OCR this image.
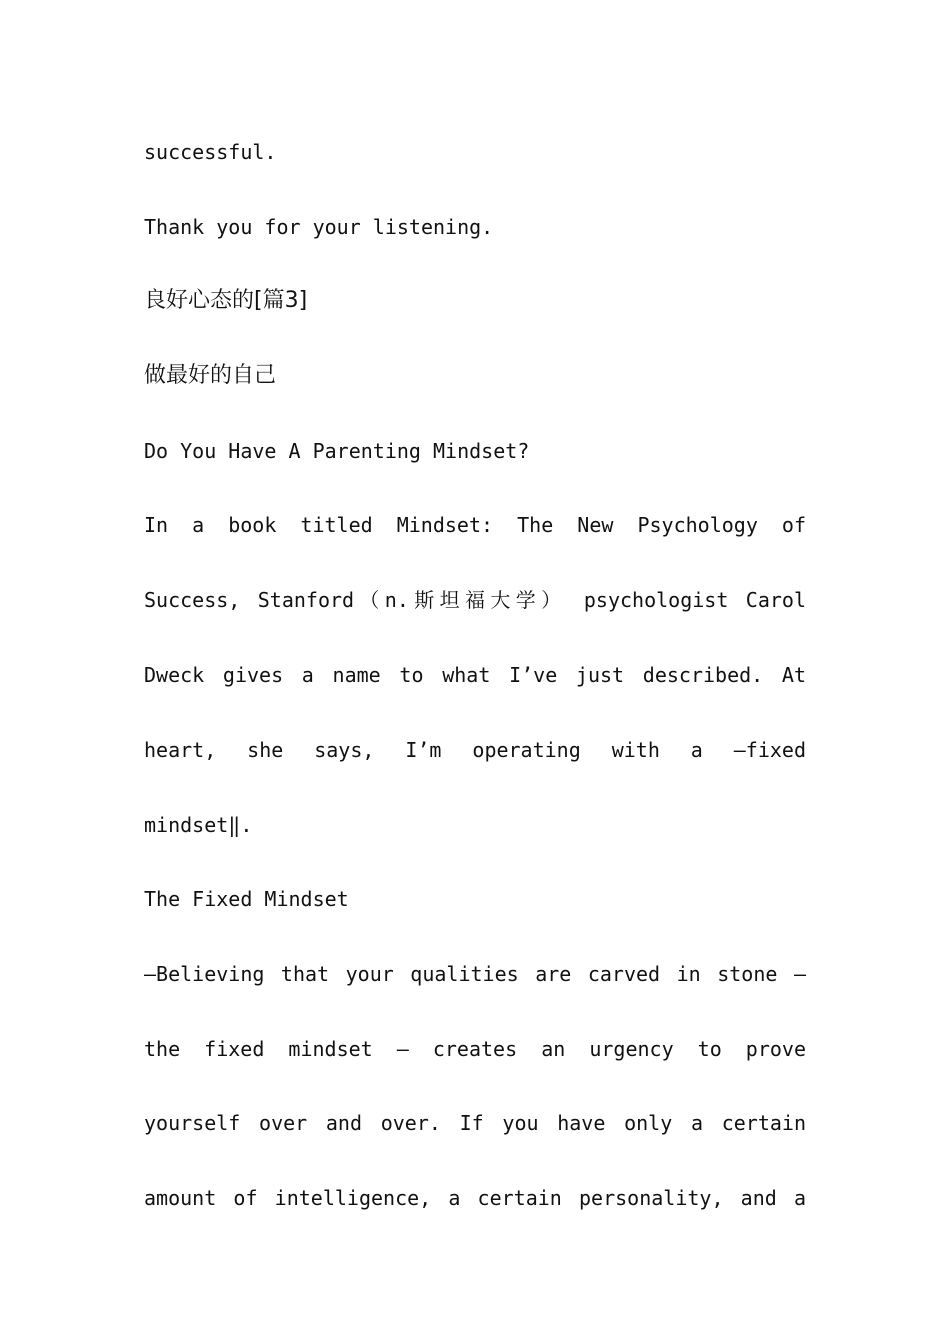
successful.
Thank you for your listening.
良好心态的[篇3]
做最好的自己
Do You Have A Parenting Mindset?
In a book titled Mindset: The New Psychology of
Success, Stanford（n.斯坦福大学） psychologist Carol
Dweck gives a name to what I’ve just described. At
heart, she says, I’m operating with a ―fixed
mindset‖.
The Fixed Mindset
―Believing that your qualities are carved in stone –
the fixed mindset – creates an urgency to prove
yourself over and over. If you have only a certain
amount of intelligence, a certain personality, and a
